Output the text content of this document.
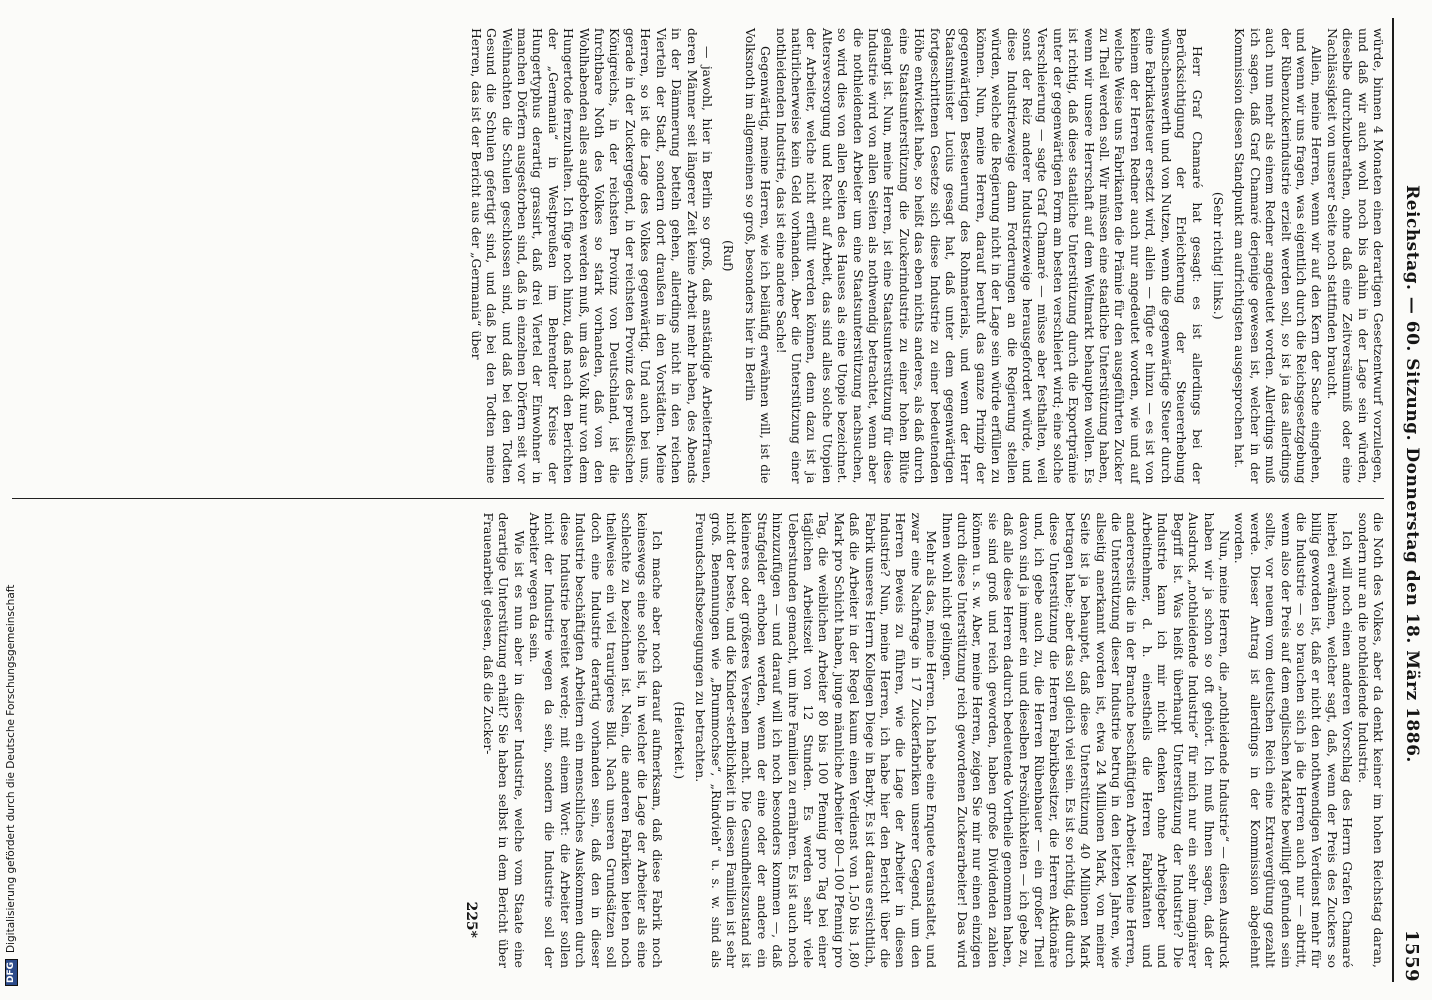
Reichstag. — 60. Sitzung. Donnerstag den 18. März 1886.
1559

würde, binnen 4 Monaten einen derartigen Gesetzentwurf vorzulegen, und daß wir auch wohl noch bis dahin in der Lage sein würden, dieselbe durchzuberathen, ohne daß eine Zeitversäumniß oder eine Nachlässigkeit von unserer Seite noch stattfinden braucht.

Allein, meine Herren, wenn wir auf den Kern der Sache eingehen, und wenn wir uns fragen, was eigentlich durch die Reichsgesetzgebung der Rübenzuckerindustrie erzielt werden soll, so ist ja das allerdings auch nun mehr als einem Redner angedeutet worden. Allerdings muß ich sagen, daß Graf Chamaré derjenige gewesen ist, welcher in der Kommission diesen Standpunkt am aufrichtigsten ausgesprochen hat.

(Sehr richtig! links.)

Herr Graf Chamaré hat gesagt: es ist allerdings bei der Berücksichtigung der Erleichterung der Steuererhebung wünschenswerth und von Nutzen, wenn die gegenwärtige Steuer durch eine Fabrikatsteuer ersetzt wird, allein — fügte er hinzu — es ist von keinem der Herren Redner auch nur angedeutet worden, wie und auf welche Weise uns Fabrikanten die Prämie für den ausgeführten Zucker zu Theil werden soll. Wir müssen eine staatliche Unterstützung haben, wenn wir unsere Herrschaft auf dem Weltmarkt behaupten wollen. Es ist richtig, daß diese staatliche Unterstützung durch die Exportprämie unter der gegenwärtigen Form am besten verschleiert wird; eine solche Verschleierung — sagte Graf Chamaré — müsse aber festhalten, weil sonst der Reiz anderer Industriezweige herausgefordert würde, und diese Industriezweige dann Forderungen an die Regierung stellen würden, welche die Regierung nicht in der Lage sein würde erfüllen zu können. Nun, meine Herren, darauf beruht das ganze Prinzip der gegenwärtigen Besteuerung des Rohmaterials, und wenn der Herr Staatsminister Lucius gesagt hat, daß unter dem gegenwärtigen fortgeschrittenen Gesetze sich diese Industrie zu einer bedeutenden Höhe entwickelt habe, so heißt das eben nichts anderes, als daß durch eine Staatsunterstützung die Zuckerindustrie zu einer hohen Blüte gelangt ist. Nun, meine Herren, ist eine Staatsunterstützung für diese Industrie wird von allen Seiten als nothwendig betrachtet, wenn aber die nothleidenden Arbeiter um eine Staatsunterstützung nachsuchen, so wird dies von allen Seiten des Hauses als eine Utopie bezeichnet. Altersversorgung und Recht auf Arbeit, das sind alles solche Utopien der Arbeiter, welche nicht erfüllt werden können, denn dazu ist ja natürlicherweise kein Geld vorhanden. Aber die Unterstützung einer nothleidenden Industrie, das ist eine andere Sache!

Gegenwärtig, meine Herren, wie ich beiläufig erwähnen will, ist die Volksnoth im allgemeinen so groß, besonders hier in Berlin

(Ruf)

— jawohl, hier in Berlin so groß, daß anständige Arbeiterfrauen, deren Männer seit längerer Zeit keine Arbeit mehr haben, des Abends in der Dämmerung betteln gehen, allerdings nicht in den reichen Vierteln der Stadt, sondern dort draußen in den Vorstädten. Meine Herren, so ist die Lage des Volkes gegenwärtig. Und auch bei uns, gerade in der Zuckergegend, in der reichsten Provinz des preußischen Königreichs, in der reichsten Provinz von Deutschland, ist die furchtbare Noth des Volkes so stark vorhanden, daß von den Wohlhabenden alles aufgeboten werden muß, um das Volk nur von dem Hungertode fernzuhalten. Ich füge noch hinzu, daß nach den Berichten der „Germania“ in Westpreußen im Behrendter Kreise der Hungertyphus derartig grassirt, daß drei Viertel der Einwohner in manchen Dörfern ausgestorben sind, daß in einzelnen Dörfern seit vor Weihnachten die Schulen geschlossen sind, und daß bei den Todten Gesund die Schulen gefertigt sind, und daß bei den Todten meine Herren, das ist der Bericht aus der „Germania“ über

die Noth des Volkes, aber da denkt keiner im hohen Reichstag daran, sondern nur an die nothleidende Industrie.

Ich will noch einen anderen Vorschlag des Herrn Grafen Chamaré hierbei erwähnen, welcher sagt, daß, wenn der Preis des Zuckers so billig geworden ist, daß er nicht den nothwendigen Verdienst mehr für die Industrie — so brauchen sich ja die Herren auch nur — abtritt, wenn also der Preis auf dem englischen Markte bewilligt gefunden sein sollte, vor neuem vom deutschen Reich eine Extravergütung gezahlt werde. Dieser Antrag ist allerdings in der Kommission abgelehnt worden.

Nun, meine Herren, die „nothleidende Industrie“ — diesen Ausdruck haben wir ja schon so oft gehört. Ich muß Ihnen sagen, daß der Ausdruck „nothleidende Industrie“ für mich nur ein sehr imaginärer Begriff ist. Was heißt überhaupt Unterstützung der Industrie? Die Industrie kann ich mir nicht denken ohne Arbeitgeber und Arbeitnehmer, d. h. einestheils die Herren Fabrikanten und andererseits die in der Branche beschäftigten Arbeiter. Meine Herren, die Unterstützung dieser Industrie betrug in den letzten Jahren, wie allseitig anerkannt worden ist, etwa 24 Millionen Mark, von meiner Seite ist ja behauptet, daß diese Unterstützung 40 Millionen Mark betragen habe; aber das soll gleich viel sein. Es ist so richtig, daß durch diese Unterstützung die Herren Fabrikbesitzer, die Herren Aktionäre und, ich gebe auch zu, die Herren Rübenbauer — ein großer Theil davon sind ja immer ein und dieselben Persönlichkeiten — ich gebe zu, daß alle diese Herren dadurch bedeutende Vortheile genommen haben, sie sind groß und reich geworden, haben große Dividenden zahlen können u. s. w. Aber, meine Herren, zeigen Sie mir nur einen einzigen durch diese Unterstützung reich gewordenen Zuckerarbeiter! Das wird Ihnen wohl nicht gelingen.

Mehr als das, meine Herren. Ich habe eine Enquete veranstaltet, und zwar eine Nachfrage in 17 Zuckerfabriken unserer Gegend, um den Herren Beweis zu führen, wie die Lage der Arbeiter in diesen Industrie? Nun, meine Herren, ich habe hier den Bericht über die Fabrik unseres Herrn Kollegen Diege in Barby. Es ist daraus ersichtlich, daß die Arbeiter in der Regel kaum einen Verdienst von 1,50 bis 1,80 Mark pro Schicht haben, junge männliche Arbeiter 80—100 Pfennig pro Tag, die weiblichen Arbeiter 80 bis 100 Pfennig pro Tag bei einer täglichen Arbeitszeit von 12 Stunden. Es werden sehr viele Ueberstunden gemacht, um ihre Familien zu ernähren. Es ist auch noch hinzuzufügen — und darauf will ich noch besonders kommen —, daß Strafgelder erhoben werden, wenn der eine oder der andere ein kleineres oder größeres Versehen macht. Die Gesundheitszustand ist nicht der beste, und die Kinder-sterblichkeit in diesen Familien ist sehr groß. Benennungen wie „Brummochse“, „Rindvieh“ u. s. w. sind als Freundschaftsbezeugungen zu betrachten.

(Heiterkeit.)

Ich mache aber noch darauf aufmerksam, daß diese Fabrik noch keineswegs eine solche ist, in welcher die Lage der Arbeiter als eine schlechte zu bezeichnen ist. Nein, die anderen Fabriken bieten noch theilweise ein viel traurigeres Bild. Nach unseren Grundsätzen soll doch eine Industrie derartig vorhanden sein, daß den in dieser Industrie beschäftigten Arbeitern ein menschliches Auskommen durch diese Industrie bereitet werde; mit einem Wort: die Arbeiter sollen nicht der Industrie wegen da sein, sondern die Industrie soll der Arbeiter wegen da sein.

Wie ist es nun aber in dieser Industrie, welche vom Staate eine derartige Unterstützung erhält? Sie haben selbst in dem Bericht über Frauenarbeit gelesen, daß die Zucker-

225*
DFG
Digitalisierung gefördert durch die Deutsche Forschungsgemeinschaft
